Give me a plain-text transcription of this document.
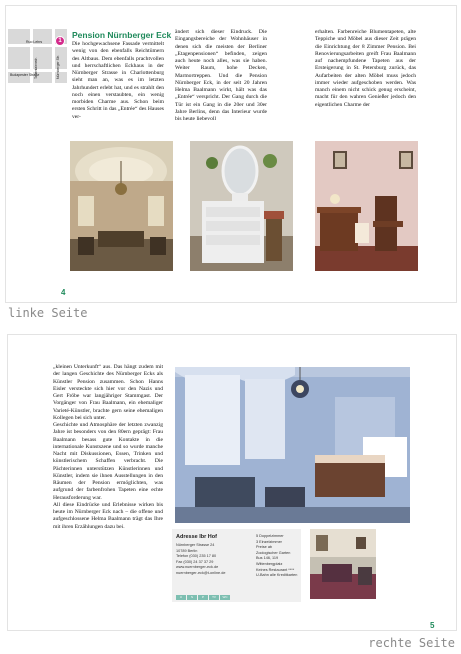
Ruo Lehrs
Tauentzienstr.	Nürnberger Str.
Budapester Straße
1
Pension Nürnberger Eck

Die hochgewachsene Fassade vermittelt wenig von den ebenfalls Reichtümern des Altbaus. Dem ebenfalls prachtvollen und herrschaftlichen Eckhaus in der Nürnberger Strasse in Charlottenburg sieht man an, was es im letzten Jahrhundert erlebt hat, und es strahlt den noch einen verstaubten, ein wenig morbiden Charme aus. Schon beim ersten Schritt in das „Entrée“ des Hauses ver-

ändert sich dieser Eindruck. Die Eingangsbereiche der Wohnhäuser in denen sich die meisten der Berliner „Etagenpensionen“ befinden, zeigen auch heute noch alles, was sie haben. Weiter Raum, hohe Decken, Marmortreppen. Und die Pension Nürnberger Eck, in der seit 20 Jahren Helma Baalmann wirkt, hält was das „Entrée“ verspricht. Der Gang durch die Tür ist ein Gang in die 20er und 30er Jahre Berlins, denn das Interieur wurde bis heute liebevoll

erhalten. Farbenreiche Blumentapeten, alte Teppiche und Möbel aus dieser Zeit prägen die Einrichtung der 8 Zimmer Pension. Bei Renovierungsarbeiten greift Frau Baalmann auf nachempfundene Tapeten aus der Ersteigerung in St. Petersburg zurück, das Aufarbeiten der alten Möbel muss jedoch immer wieder aufgeschoben werden. Was manch einem nicht schick genug erscheint, macht für den wahren Genießer jedoch den eigentlichen Charme der

4
linke Seite

„kleinen Unterkunft“ aus. Das hängt zudem mit der langen Geschichte des Nürnberger Ecks als Künstler Pension zusammen. Schon Hanns Eisler versteckte sich hier vor den Nazis und Gert Fröbe war langjähriger Stammgast. Der Vorgänger von Frau Baalmann, ein ehemaliger Varieté-Künstler, brachte gern seine ehemaligen Kollegen bei sich unter.

Geschichte und Atmosphäre der letzten zwanzig Jahre ist besonders von den 80ern geprägt: Frau Baalmann besass gute Kontakte in die internationale Kunstszene und so wurde manche Nacht mit Diskussionen, Essen, Trinken und künstlerischem Schaffen verbracht. Die Pächterinnen unterstützen Künstlerinnen und Künstler, indem sie ihnen Ausstellungen in den Räumen der Pension ermöglichten, was aufgrund der farbenfrohen Tapeten eine echte Herausforderung war.

All diese Eindrücke und Erlebnisse wirken bis heute im Nürnberger Eck nach – die offene und aufgeschlossene Helma Baalmann trägt das Ihre mit ihren Erzählungen dazu bei.

Adresse Ibr Hof
Nürnberger Strasse 24
10789 Berlin
Telefon (030) 235 17 80
Fax (030) 24 37 37 29
www.nuernberger-eck.de
nuernberger-eck@t-online.de
5 Doppelzimmer
3 Einzelzimmer
Preise ab
Zoologischer Garten
Bus 146, 119
Wittenbergplatz
Keines Restaurant ****
U-Bahn alle Kreditkarten
U	S	P	TV	WC
5
rechte Seite
